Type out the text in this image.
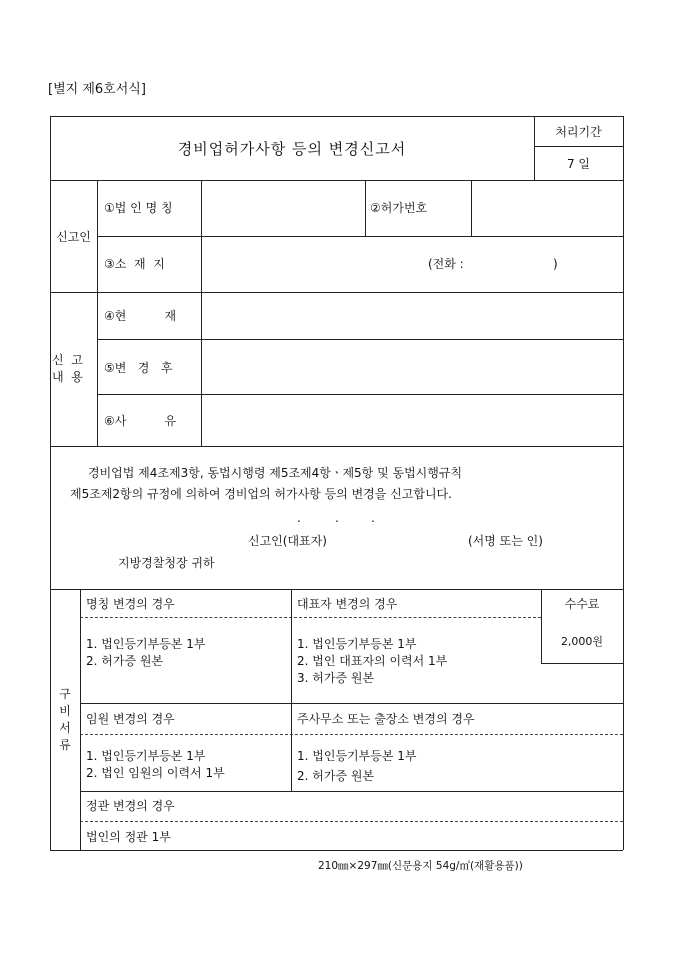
[별지 제6호서식]
경비업허가사항 등의 변경신고서
처리기간
7 일
신고인
①법 인 명 칭	②허가번호
③소  재  지	(전화 :	)
신  고
내  용
④현          재
⑤변   경   후
⑥사          유
경비업법 제4조제3항, 동법시행령 제5조제4항ㆍ제5항 및 동법시행규칙
제5조제2항의 규정에 의하여 경비업의 허가사항 등의 변경을 신고합니다.
.	.	.
신고인(대표자)	(서명 또는 인)
지방경찰청장 귀하
구
비
서
류
명칭 변경의 경우
1. 법인등기부등본 1부
2. 허가증 원본
대표자 변경의 경우
1. 법인등기부등본 1부
2. 법인 대표자의 이력서 1부
3. 허가증 원본
수수료
2,000원
임원 변경의 경우
1. 법인등기부등본 1부
2. 법인 임원의 이력서 1부
주사무소 또는 출장소 변경의 경우
1. 법인등기부등본 1부
2. 허가증 원본
정관 변경의 경우
법인의 정관 1부
210㎜×297㎜(신문용지 54g/㎡(재활용품))
